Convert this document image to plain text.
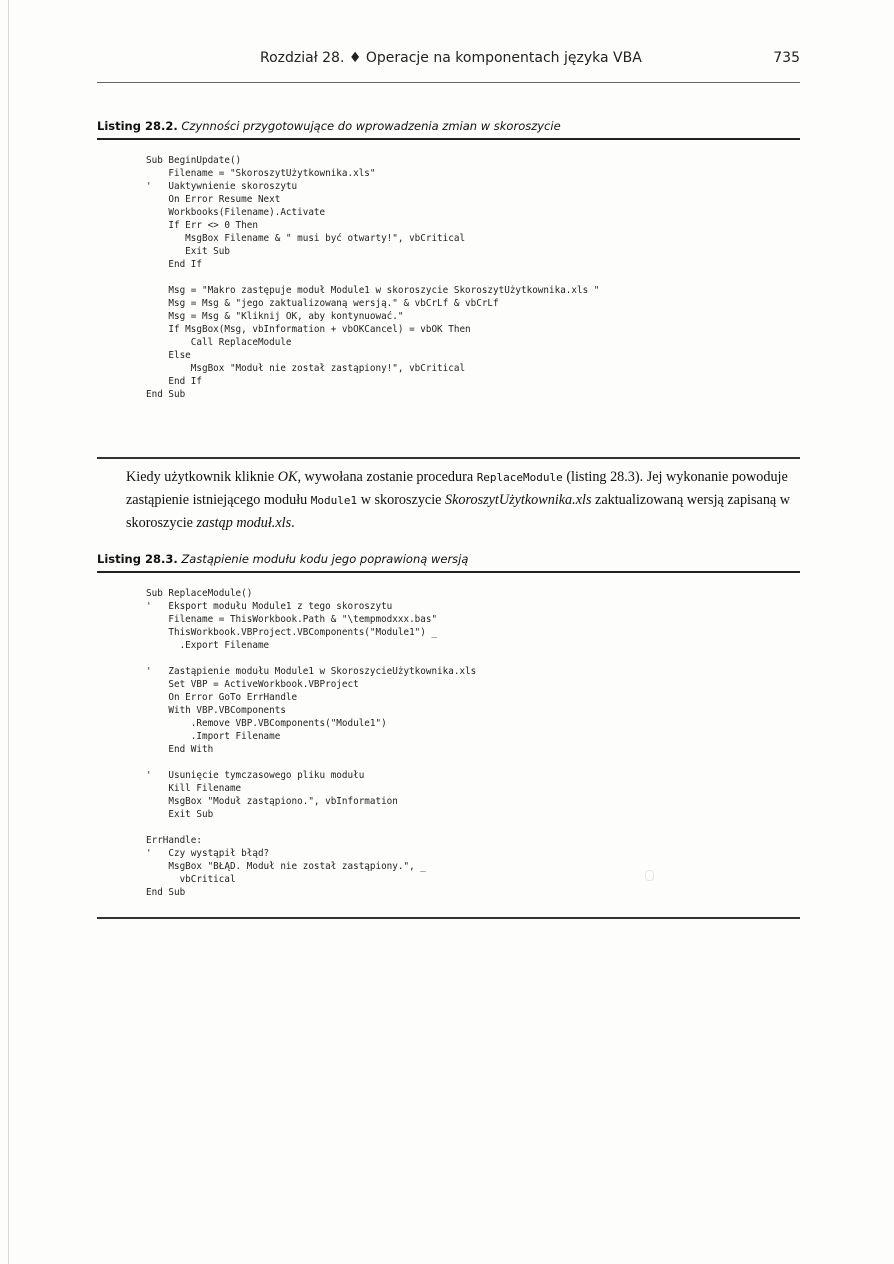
Rozdział 28. ♦ Operacje na komponentach języka VBA	735
Listing 28.2. Czynności przygotowujące do wprowadzenia zmian w skoroszycie
Sub BeginUpdate()
Filename = "SkoroszytUżytkownika.xls"
'   Uaktywnienie skoroszytu
On Error Resume Next
Workbooks(Filename).Activate
If Err <> 0 Then
MsgBox Filename & " musi być otwarty!", vbCritical
Exit Sub
End If

Msg = "Makro zastępuje moduł Module1 w skoroszycie SkoroszytUżytkownika.xls "
Msg = Msg & "jego zaktualizowaną wersją." & vbCrLf & vbCrLf
Msg = Msg & "Kliknij OK, aby kontynuować."
If MsgBox(Msg, vbInformation + vbOKCancel) = vbOK Then
Call ReplaceModule
Else
MsgBox "Moduł nie został zastąpiony!", vbCritical
End If
End Sub

Kiedy użytkownik kliknie OK, wywołana zostanie procedura ReplaceModule (listing 28.3). Jej wykonanie powoduje zastąpienie istniejącego modułu Module1 w skoroszycie SkoroszytUżytkownika.xls zaktualizowaną wersją zapisaną w skoroszycie zastąp moduł.xls.

Listing 28.3. Zastąpienie modułu kodu jego poprawioną wersją
Sub ReplaceModule()
'   Eksport modułu Module1 z tego skoroszytu
Filename = ThisWorkbook.Path & "\tempmodxxx.bas"
ThisWorkbook.VBProject.VBComponents("Module1") _
.Export Filename

'   Zastąpienie modułu Module1 w SkoroszycieUżytkownika.xls
Set VBP = ActiveWorkbook.VBProject
On Error GoTo ErrHandle
With VBP.VBComponents
.Remove VBP.VBComponents("Module1")
.Import Filename
End With

'   Usunięcie tymczasowego pliku modułu
Kill Filename
MsgBox "Moduł zastąpiono.", vbInformation
Exit Sub

ErrHandle:
'   Czy wystąpił błąd?
MsgBox "BŁĄD. Moduł nie został zastąpiony.", _
vbCritical
End Sub
